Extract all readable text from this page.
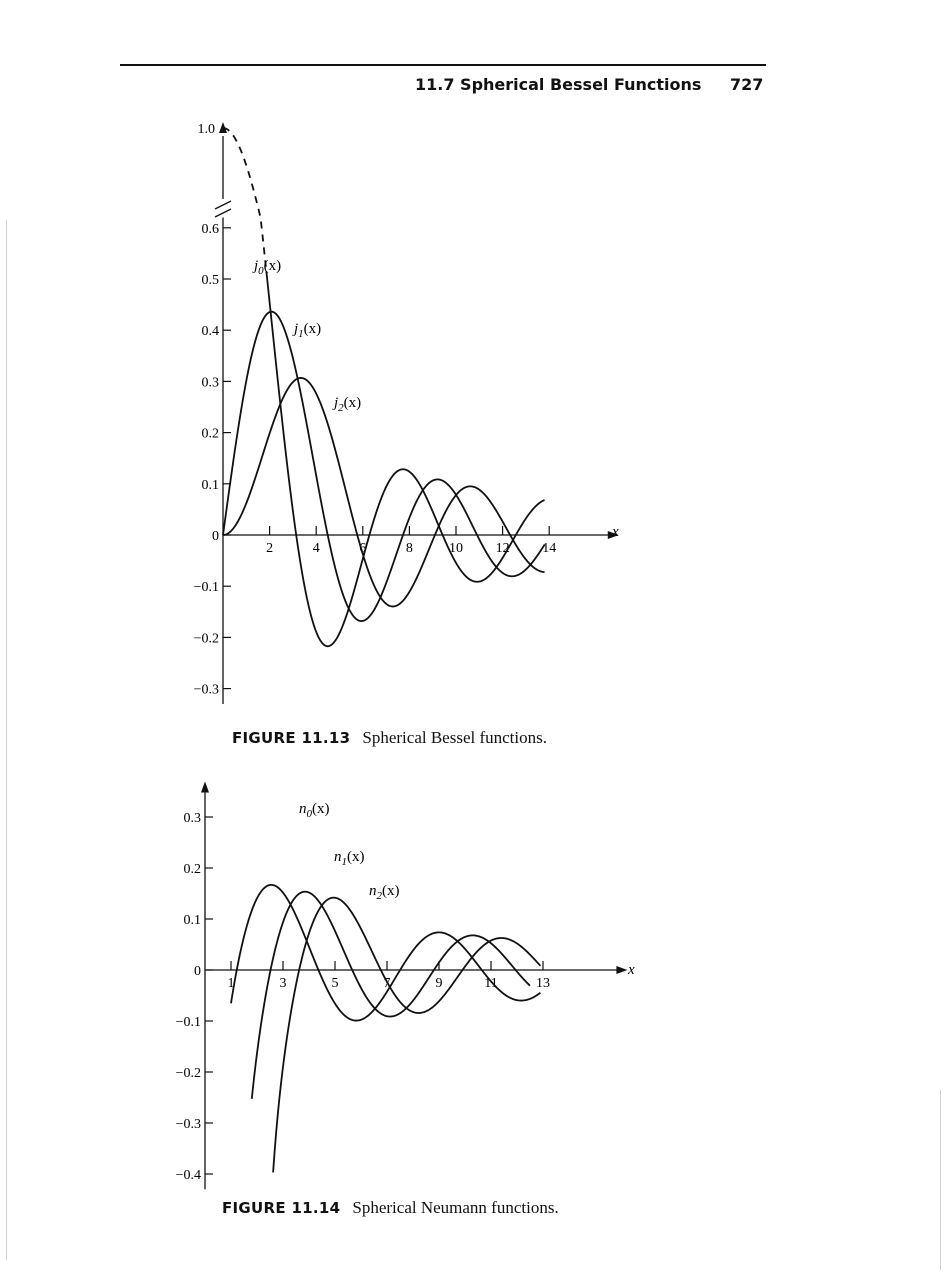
11.7 Spherical Bessel Functions 727
0.6
0.5
0.4
0.3
0.2
0.1
0
−0.1
−0.2
−0.3
1.0
2	4	6	8	10 12 14
$j_0(x)$
$j_1(x)$
$j_2(x)$
x
FIGURE 11.13 Spherical Bessel functions.
0.3
0.2
0.1
0
−0.1
−0.2
−0.3
−0.4
1	3	5	7	9	11	13
$n_0(x)$
$n_1(x)$
$n_2(x)$
x
FIGURE 11.14 Spherical Neumann functions.
